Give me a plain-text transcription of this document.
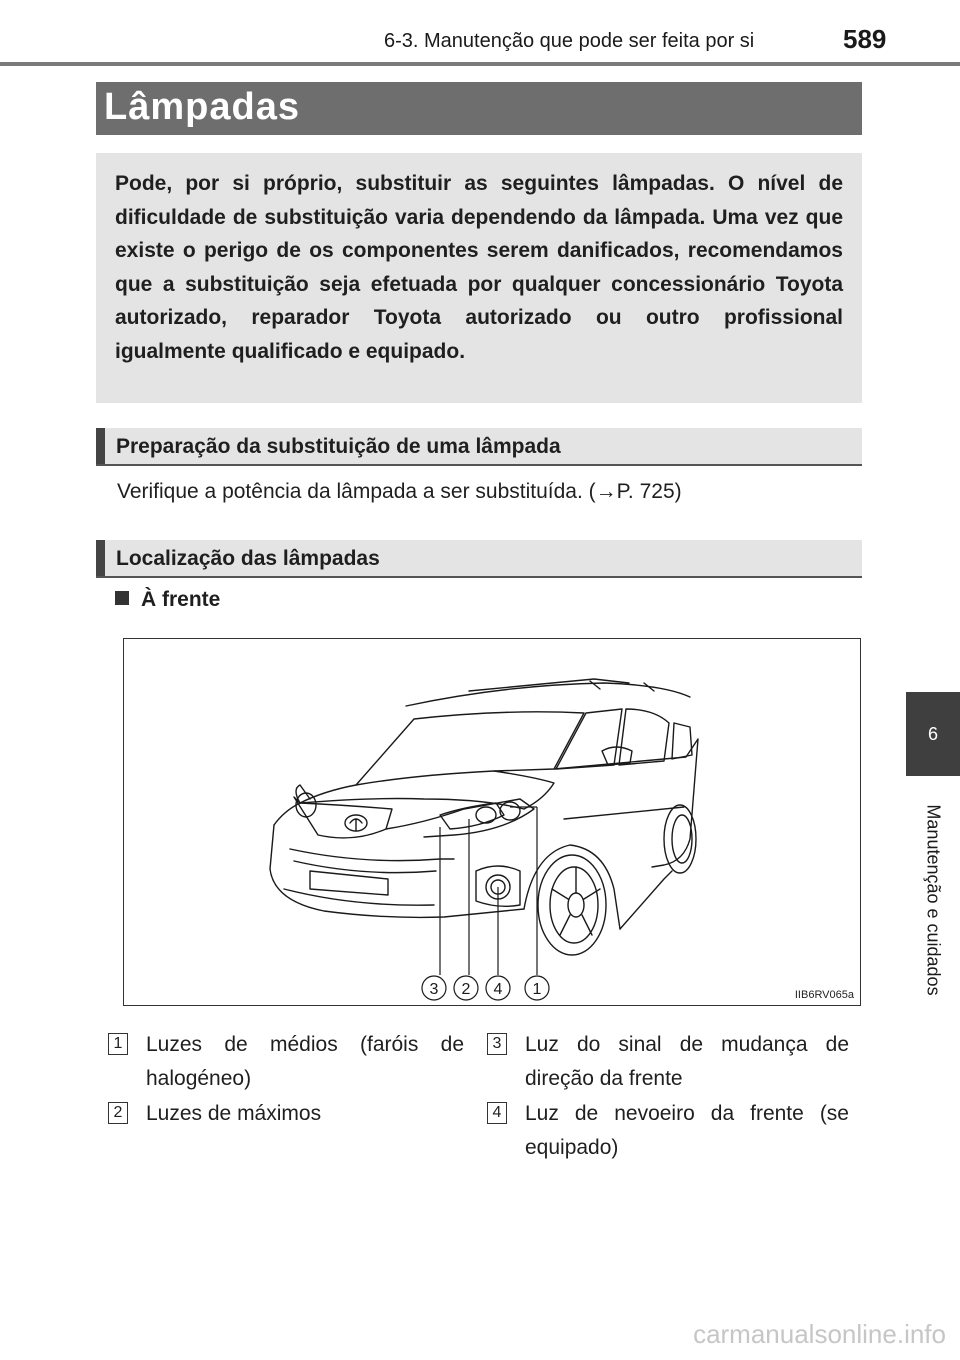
6-3. Manutenção que pode ser feita por si	589
6
Manutenção e cuidados
Lâmpadas

Pode, por si próprio, substituir as seguintes lâmpadas. O nível de dificuldade de substituição varia dependendo da lâmpada. Uma vez que existe o perigo de os componentes serem danificados, recomendamos que a substituição seja efetuada por qualquer concessionário Toyota autorizado, reparador Toyota autorizado ou outro profissional igualmente qualificado e equipado.

Preparação da substituição de uma lâmpada
Verifique a potência da lâmpada a ser substituída. (→P. 725)
Localização das lâmpadas
À frente
3 2 4 1	IIB6RV065a
1 Luzes de médios (faróis de halogéneo)
2 Luzes de máximos
3 Luz do sinal de mudança de direção da frente
4 Luz de nevoeiro da frente (se equipado)
carmanualsonline.info
